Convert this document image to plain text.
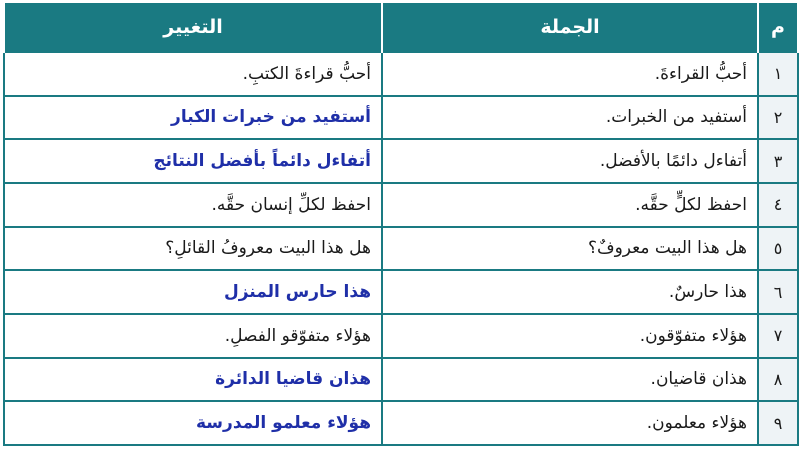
م	الجملة	التغيير
١	أحبُّ القراءةَ.	أحبُّ قراءةَ الكتبِ.
٢	أستفيد من الخبرات.	أستفيد من خبرات الكبار
٣	أتفاءل دائمًا بالأفضل.	أتفاءل دائماً بأفضل النتائج
٤	احفظ لكلٍّ حقَّه.	احفظ لكلِّ إنسان حقَّه.
٥	هل هذا البيت معروفٌ؟	هل هذا البيت معروفُ القائلِ؟
٦	هذا حارسٌ.	هذا حارس المنزل
٧	هؤلاء متفوّقون.	هؤلاء متفوّقو الفصلِ.
٨	هذان قاضيان.	هذان قاضيا الدائرة
٩	هؤلاء معلمون.	هؤلاء معلمو المدرسة
